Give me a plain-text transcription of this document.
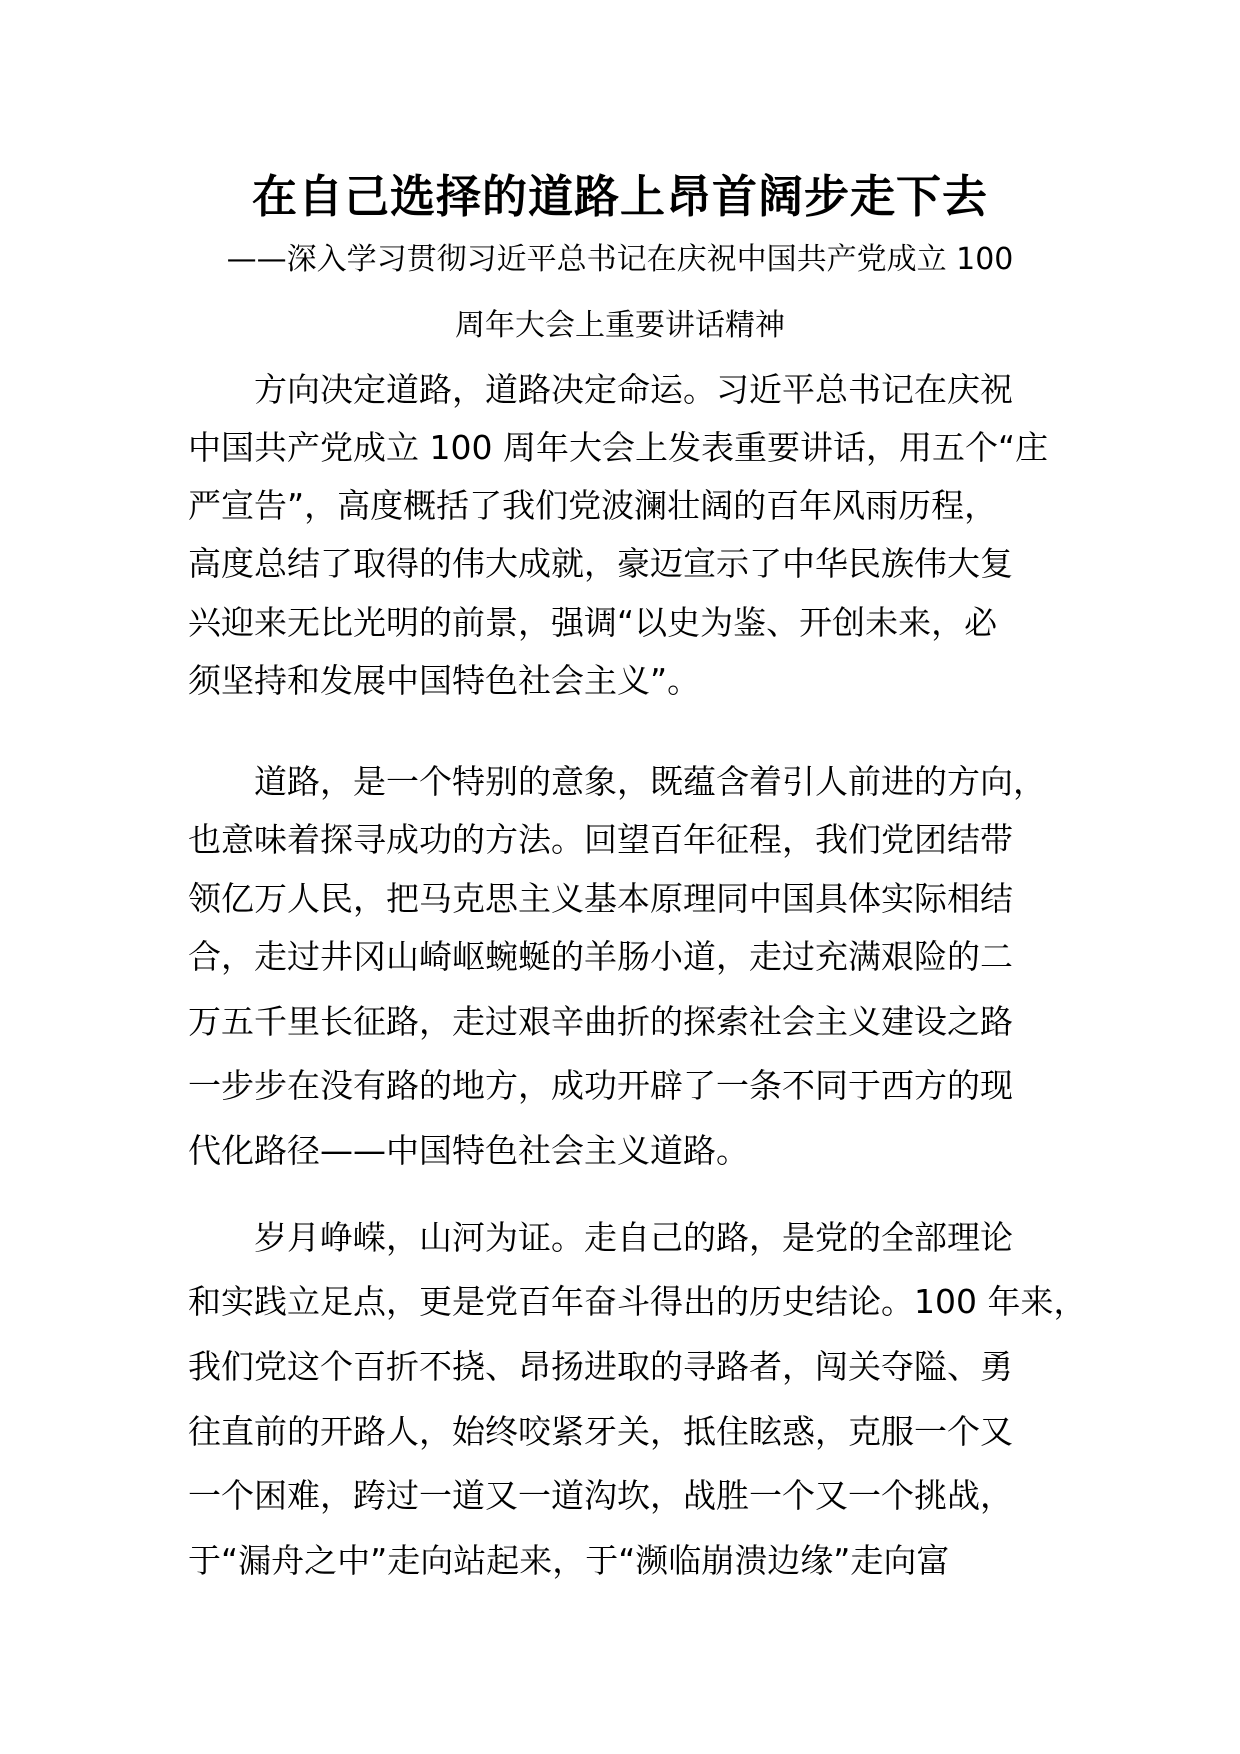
在自己选择的道路上昂首阔步走下去
——深入学习贯彻习近平总书记在庆祝中国共产党成立 100
周年大会上重要讲话精神
方向决定道路，道路决定命运。习近平总书记在庆祝
中国共产党成立 100 周年大会上发表重要讲话，用五个“庄
严宣告”，高度概括了我们党波澜壮阔的百年风雨历程，
高度总结了取得的伟大成就，豪迈宣示了中华民族伟大复
兴迎来无比光明的前景，强调“以史为鉴、开创未来，必
须坚持和发展中国特色社会主义”。
道路，是一个特别的意象，既蕴含着引人前进的方向，
也意味着探寻成功的方法。回望百年征程，我们党团结带
领亿万人民，把马克思主义基本原理同中国具体实际相结
合，走过井冈山崎岖蜿蜒的羊肠小道，走过充满艰险的二
万五千里长征路，走过艰辛曲折的探索社会主义建设之路
一步步在没有路的地方，成功开辟了一条不同于西方的现
代化路径——中国特色社会主义道路。
岁月峥嵘，山河为证。走自己的路，是党的全部理论
和实践立足点，更是党百年奋斗得出的历史结论。100 年来，
我们党这个百折不挠、昂扬进取的寻路者，闯关夺隘、勇
往直前的开路人，始终咬紧牙关，抵住眩惑，克服一个又
一个困难，跨过一道又一道沟坎，战胜一个又一个挑战，
于“漏舟之中”走向站起来，于“濒临崩溃边缘”走向富
